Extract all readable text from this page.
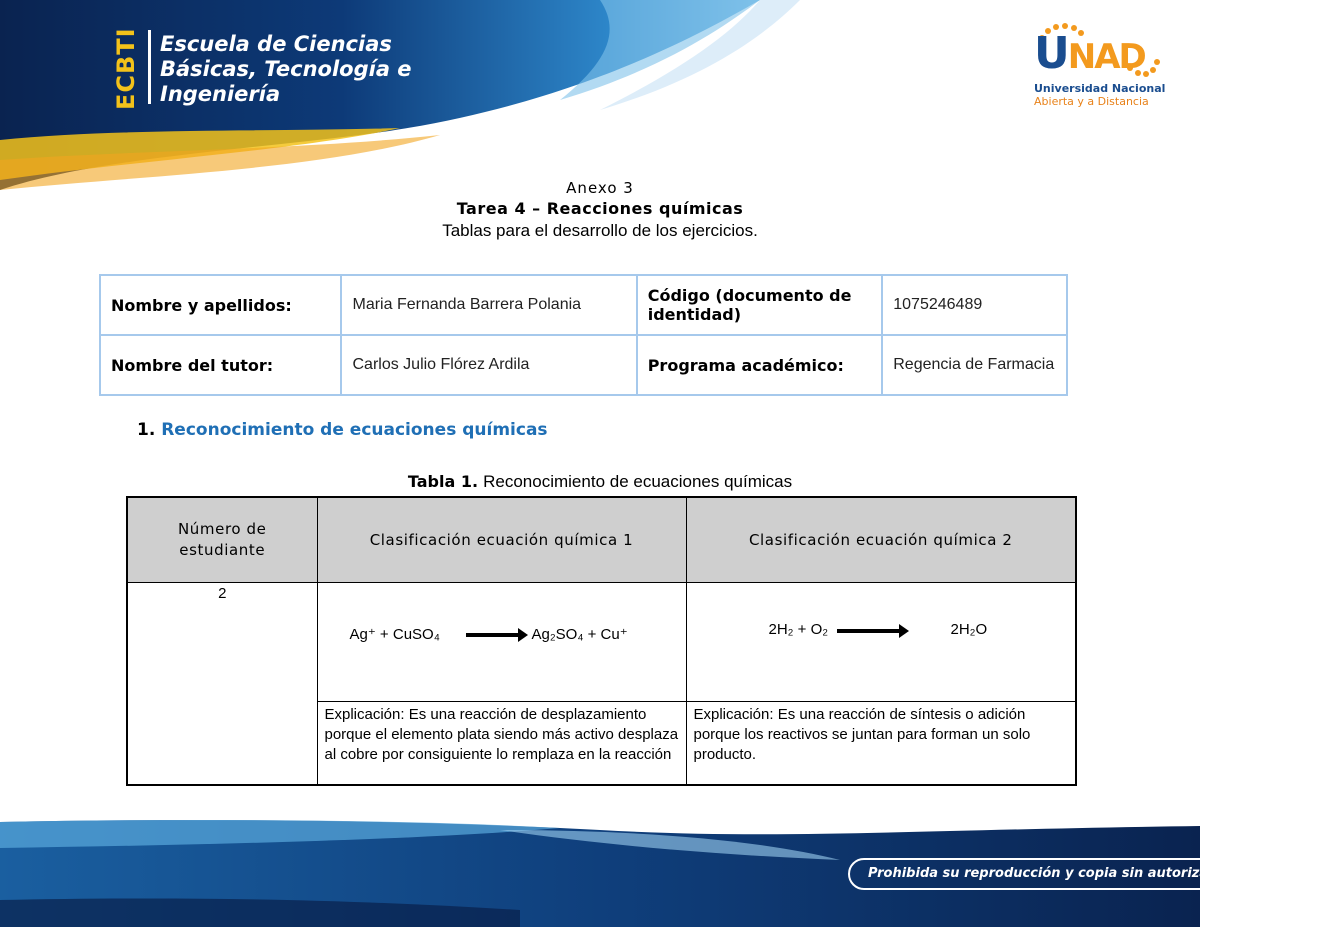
ECBTI Escuela de Ciencias
Básicas, Tecnología e
Ingeniería
UNAD
Universidad Nacional
Abierta y a Distancia
Anexo 3
Tarea 4 – Reacciones químicas
Tablas para el desarrollo de los ejercicios.
Nombre y apellidos:	Maria Fernanda Barrera Polania	Código (documento de identidad)	1075246489
Nombre del tutor:	Carlos Julio Flórez Ardila	Programa académico:	Regencia de Farmacia
1. Reconocimiento de ecuaciones químicas
Tabla 1. Reconocimiento de ecuaciones químicas
Número de estudiante	Clasificación ecuación química 1	Clasificación ecuación química 2
2	Ag⁺ + CuSO₄ → Ag₂SO₄ + Cu⁺	2H₂ + O₂ → 2H₂O

	Explicación: Es una reacción de desplazamiento porque el elemento plata siendo más activo desplaza al cobre por consiguiente lo remplaza en la reacción	Explicación: Es una reacción de síntesis o adición porque los reactivos se juntan para forman un solo producto.
Prohibida su reproducción y copia sin autorización de la UNAD
